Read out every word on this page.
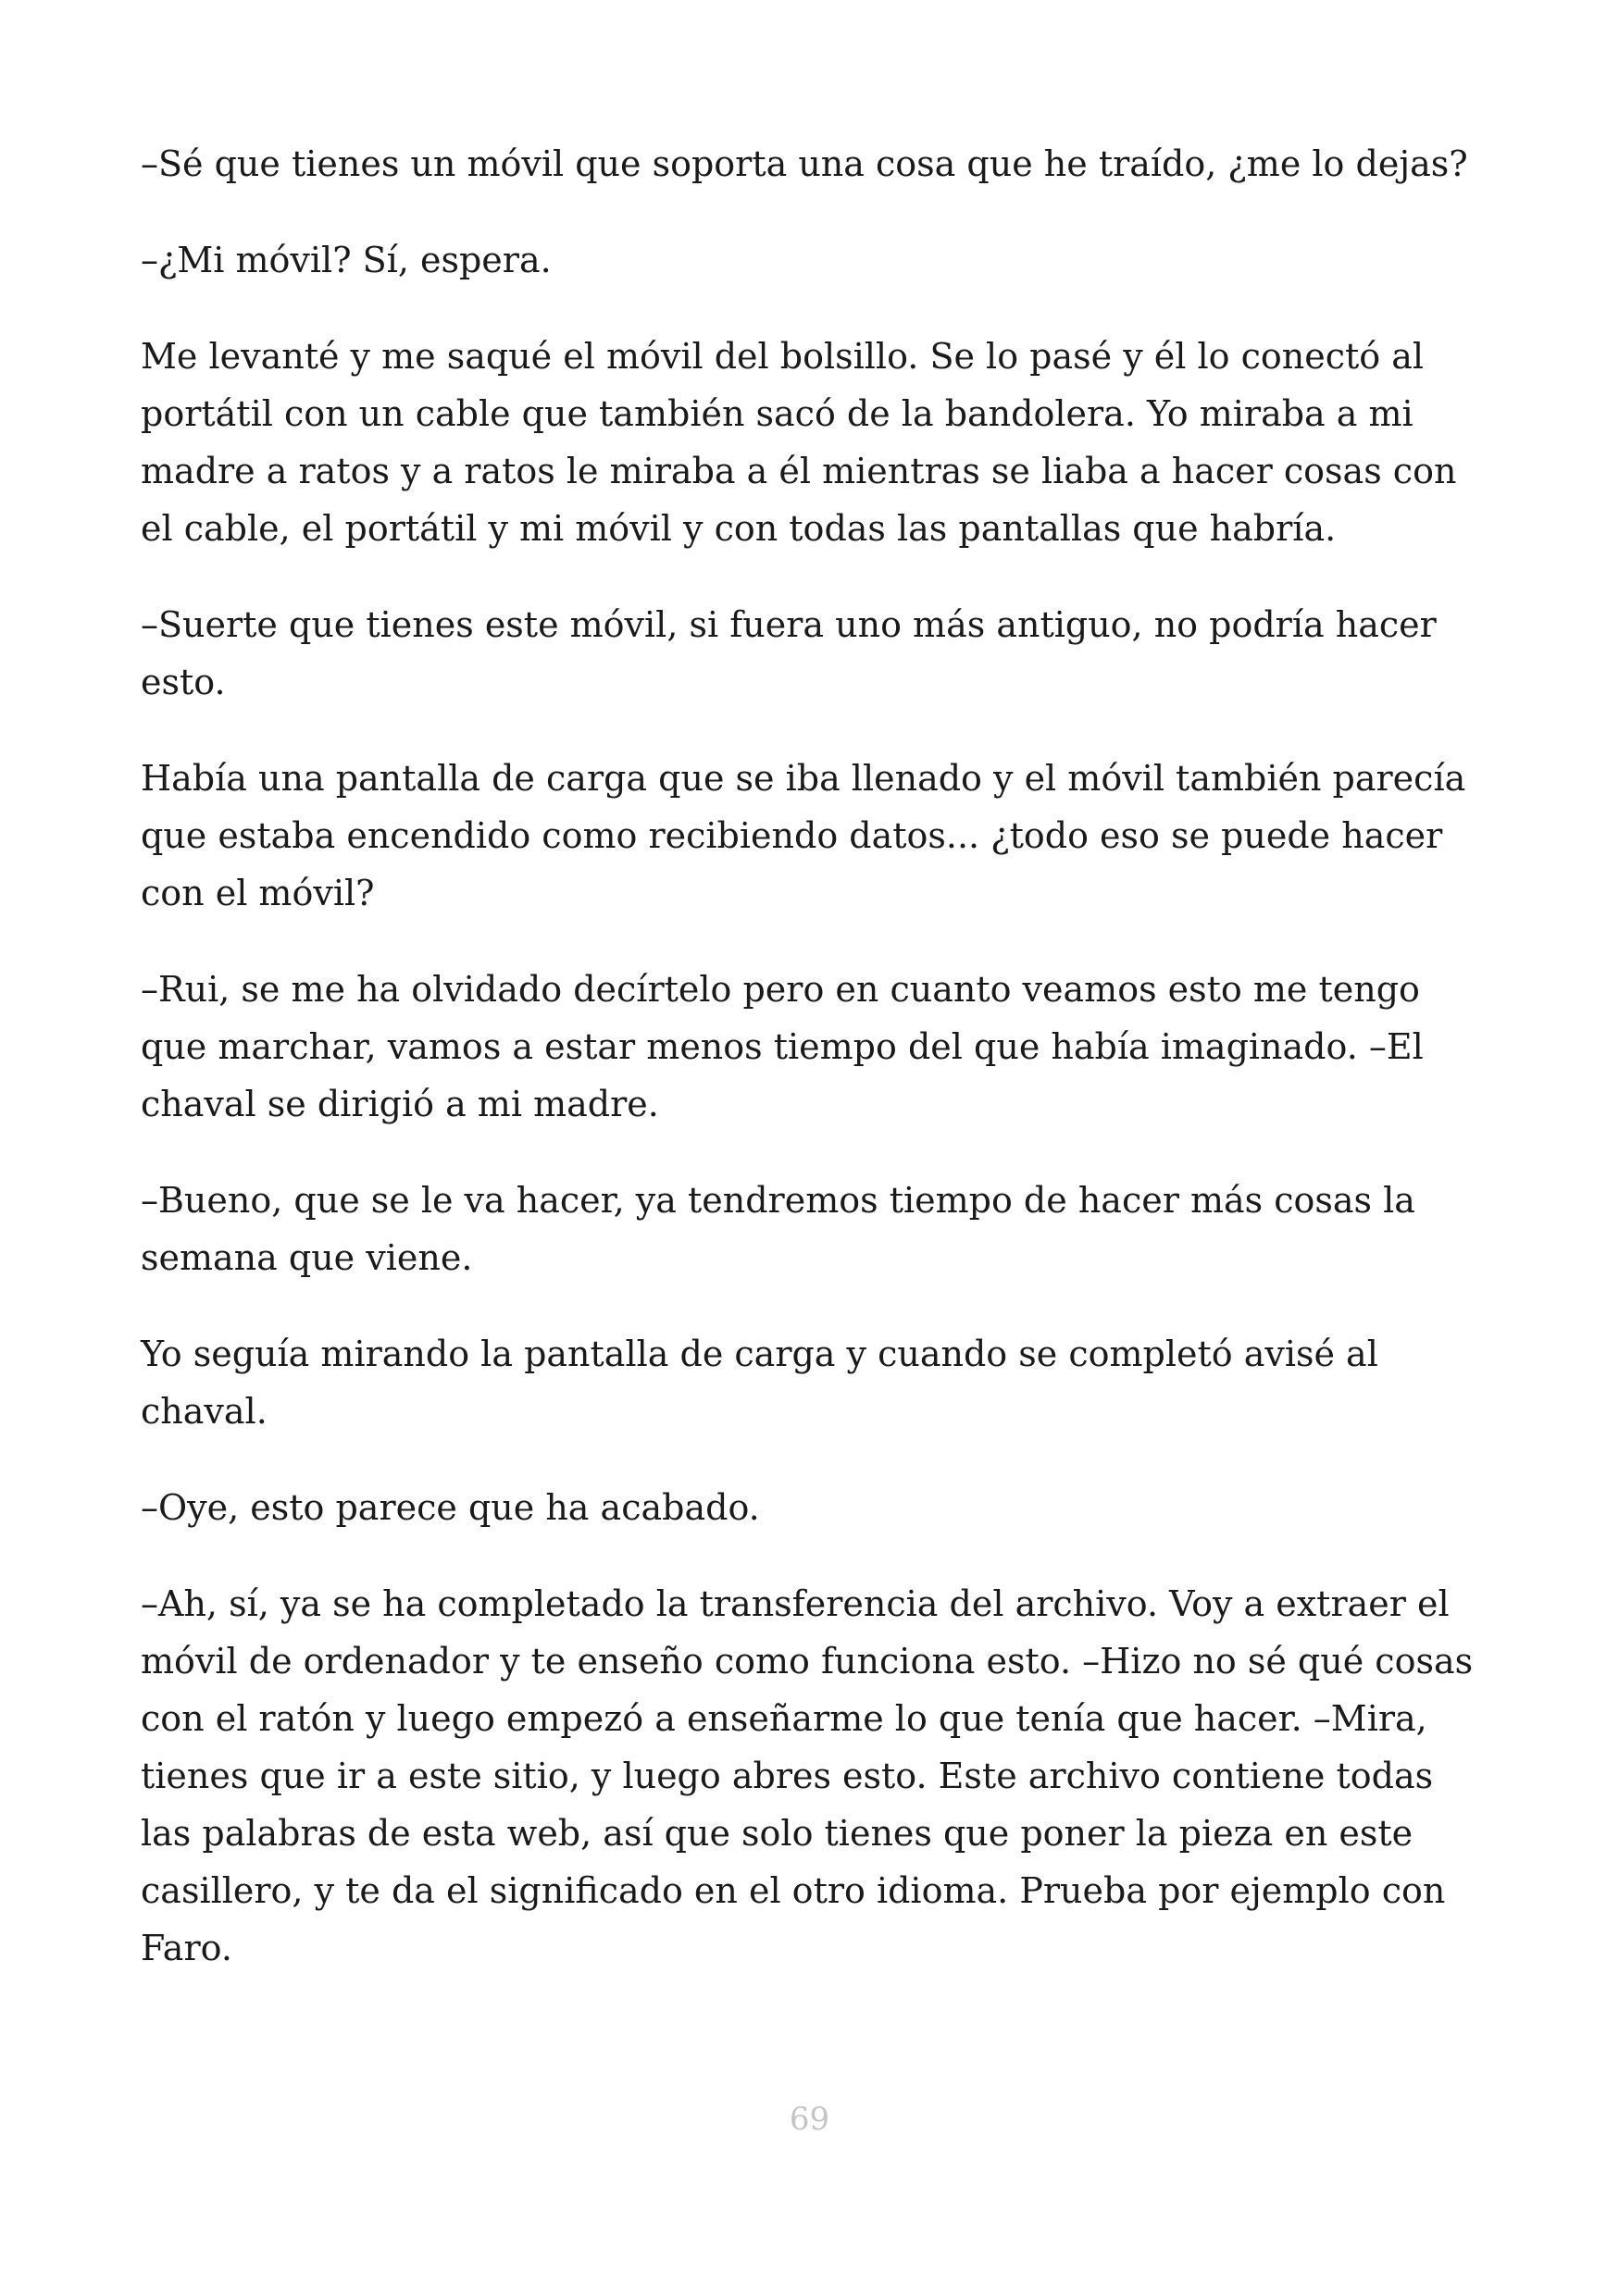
–Sé que tienes un móvil que soporta una cosa que he traído, ¿me lo dejas?

–¿Mi móvil? Sí, espera.

Me levanté y me saqué el móvil del bolsillo. Se lo pasé y él lo conectó al portátil con un cable que también sacó de la bandolera. Yo miraba a mi madre a ratos y a ratos le miraba a él mientras se liaba a hacer cosas con el cable, el portátil y mi móvil y con todas las pantallas que habría.

–Suerte que tienes este móvil, si fuera uno más antiguo, no podría hacer esto.

Había una pantalla de carga que se iba llenado y el móvil también parecía que estaba encendido como recibiendo datos... ¿todo eso se puede hacer con el móvil?

–Rui, se me ha olvidado decírtelo pero en cuanto veamos esto me tengo que marchar, vamos a estar menos tiempo del que había imaginado. –El chaval se dirigió a mi madre.

–Bueno, que se le va hacer, ya tendremos tiempo de hacer más cosas la semana que viene.

Yo seguía mirando la pantalla de carga y cuando se completó avisé al chaval.

–Oye, esto parece que ha acabado.

–Ah, sí, ya se ha completado la transferencia del archivo. Voy a extraer el móvil de ordenador y te enseño como funciona esto. –Hizo no sé qué cosas con el ratón y luego empezó a enseñarme lo que tenía que hacer. –Mira, tienes que ir a este sitio, y luego abres esto. Este archivo contiene todas las palabras de esta web, así que solo tienes que poner la pieza en este casillero, y te da el significado en el otro idioma. Prueba por ejemplo con Faro.

69
